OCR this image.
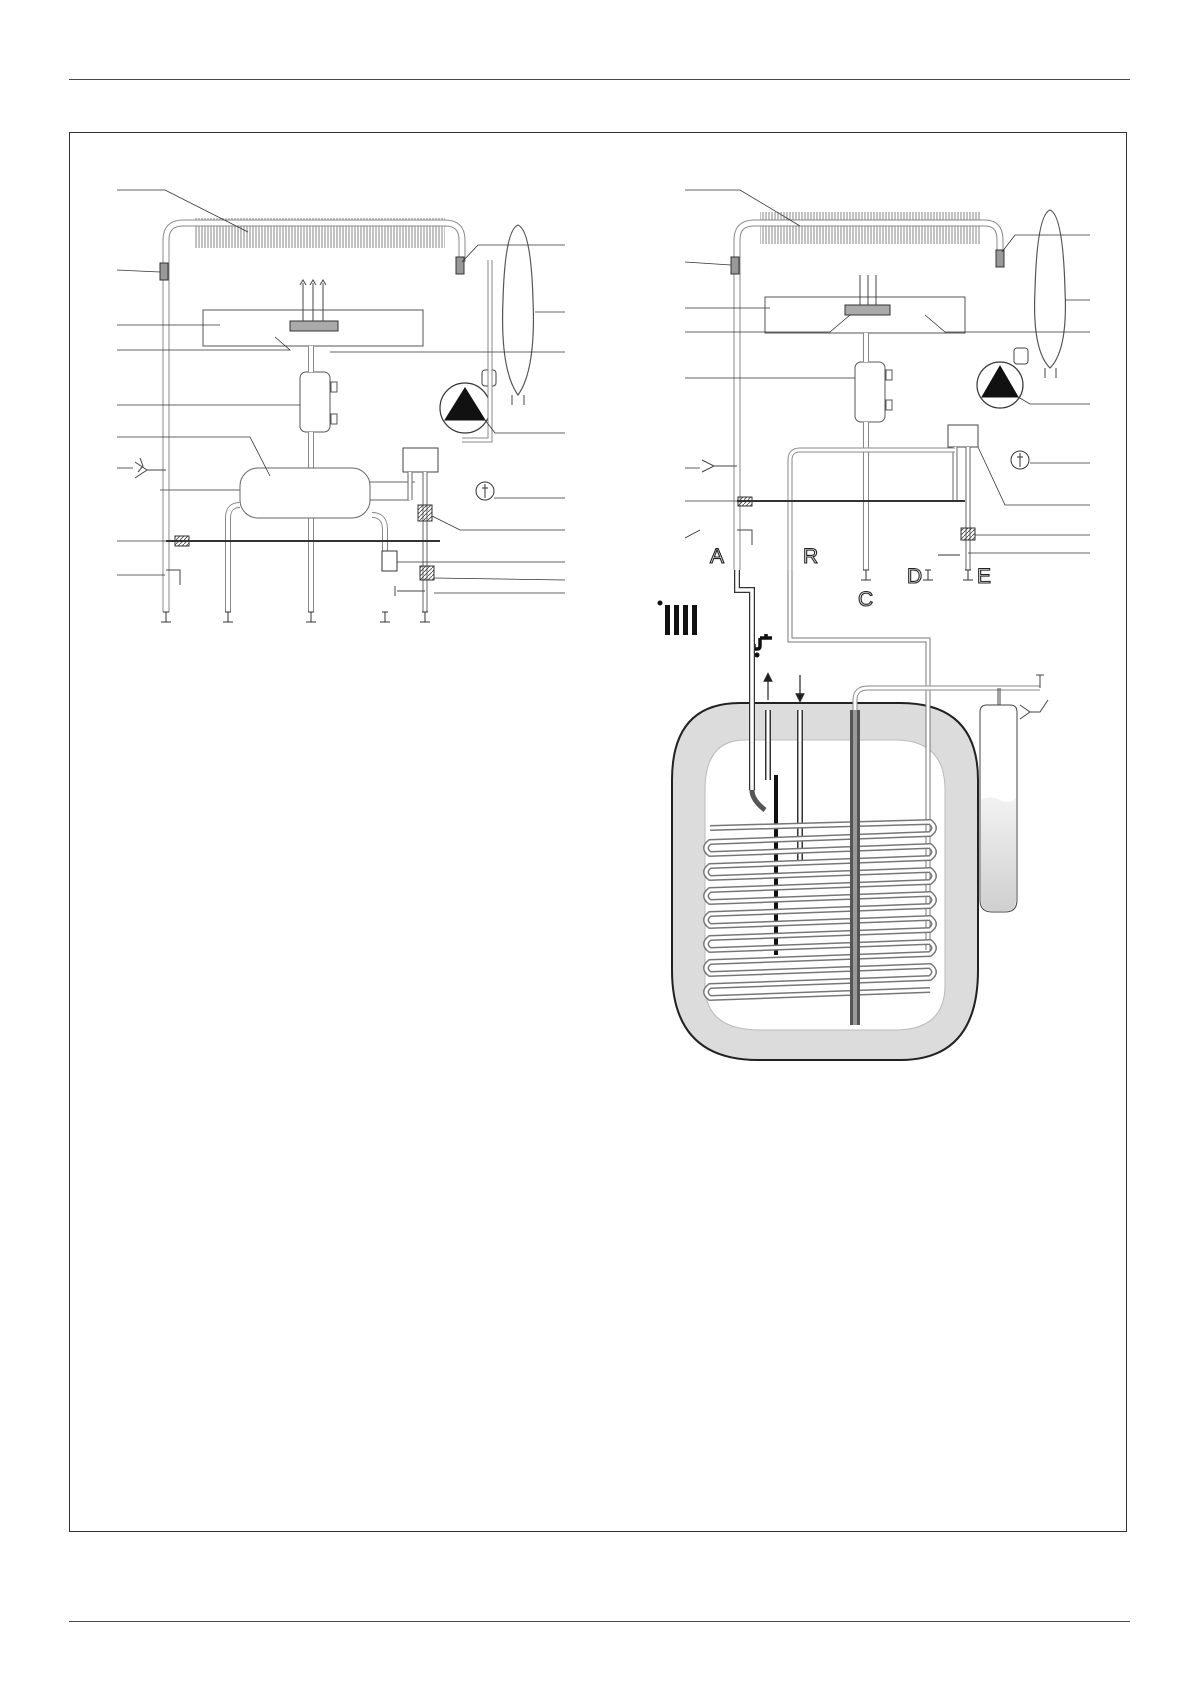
A	R
C
D	E
